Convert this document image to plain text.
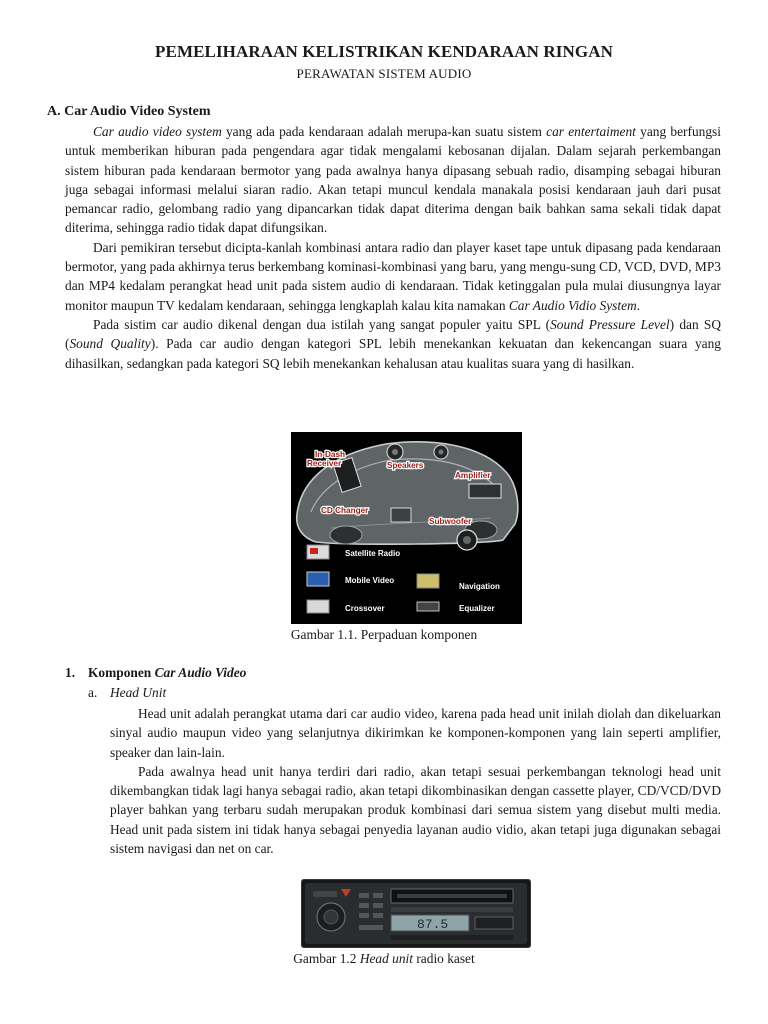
PEMELIHARAAN KELISTRIKAN KENDARAAN RINGAN
PERAWATAN SISTEM AUDIO
A. Car Audio Video System

Car audio video system yang ada pada kendaraan adalah merupa-kan suatu sistem car entertaiment yang berfungsi untuk memberikan hiburan pada pengendara agar tidak mengalami kebosanan dijalan. Dalam sejarah perkembangan sistem hiburan pada kendaraan bermotor yang pada awalnya hanya dipasang sebuah radio, disamping sebagai hiburan juga sebagai informasi melalui siaran radio. Akan tetapi muncul kendala manakala posisi kendaraan jauh dari pusat pemancar radio, gelombang radio yang dipancarkan tidak dapat diterima dengan baik bahkan sama sekali tidak dapat diterima, sehingga radio tidak dapat difungsikan.

Dari pemikiran tersebut dicipta-kanlah kombinasi antara radio dan player kaset tape untuk dipasang pada kendaraan bermotor, yang pada akhirnya terus berkembang kominasi-kombinasi yang baru, yang mengu-sung CD, VCD, DVD, MP3 dan MP4 kedalam perangkat head unit pada sistem audio di kendaraan. Tidak ketinggalan pula mulai diusungnya layar monitor maupun TV kedalam kendaraan, sehingga lengkaplah kalau kita namakan Car Audio Vidio System.

Pada sistim car audio dikenal dengan dua istilah yang sangat populer yaitu SPL (Sound Pressure Level) dan SQ (Sound Quality). Pada car audio dengan kategori SPL lebih menekankan kekuatan dan kekencangan suara yang dihasilkan, sedangkan pada kategori SQ lebih menekankan kehalusan atau kualitas suara yang di hasilkan.

In-Dash
Receiver	Speakers
Amplifier
CD Changer
Subwoofer
Satellite Radio
Mobile Video
Crossover
Navigation
Equalizer
Gambar 1.1. Perpaduan komponen
1. Komponen Car Audio Video
a. Head Unit

Head unit adalah perangkat utama dari car audio video, karena pada head unit inilah diolah dan dikeluarkan sinyal audio maupun video yang selanjutnya dikirimkan ke komponen-komponen yang lain seperti amplifier, speaker dan lain-lain.

Pada awalnya head unit hanya terdiri dari radio, akan tetapi sesuai perkembangan teknologi head unit dikembangkan tidak lagi hanya sebagai radio, akan tetapi dikombinasikan dengan cassette player, CD/VCD/DVD player bahkan yang terbaru sudah merupakan produk kombinasi dari semua sistem yang disebut multi media. Head unit pada sistem ini tidak hanya sebagai penyedia layanan audio vidio, akan tetapi juga digunakan sebagai sistem navigasi dan net on car.

87.5
Gambar 1.2 Head unit radio kaset
